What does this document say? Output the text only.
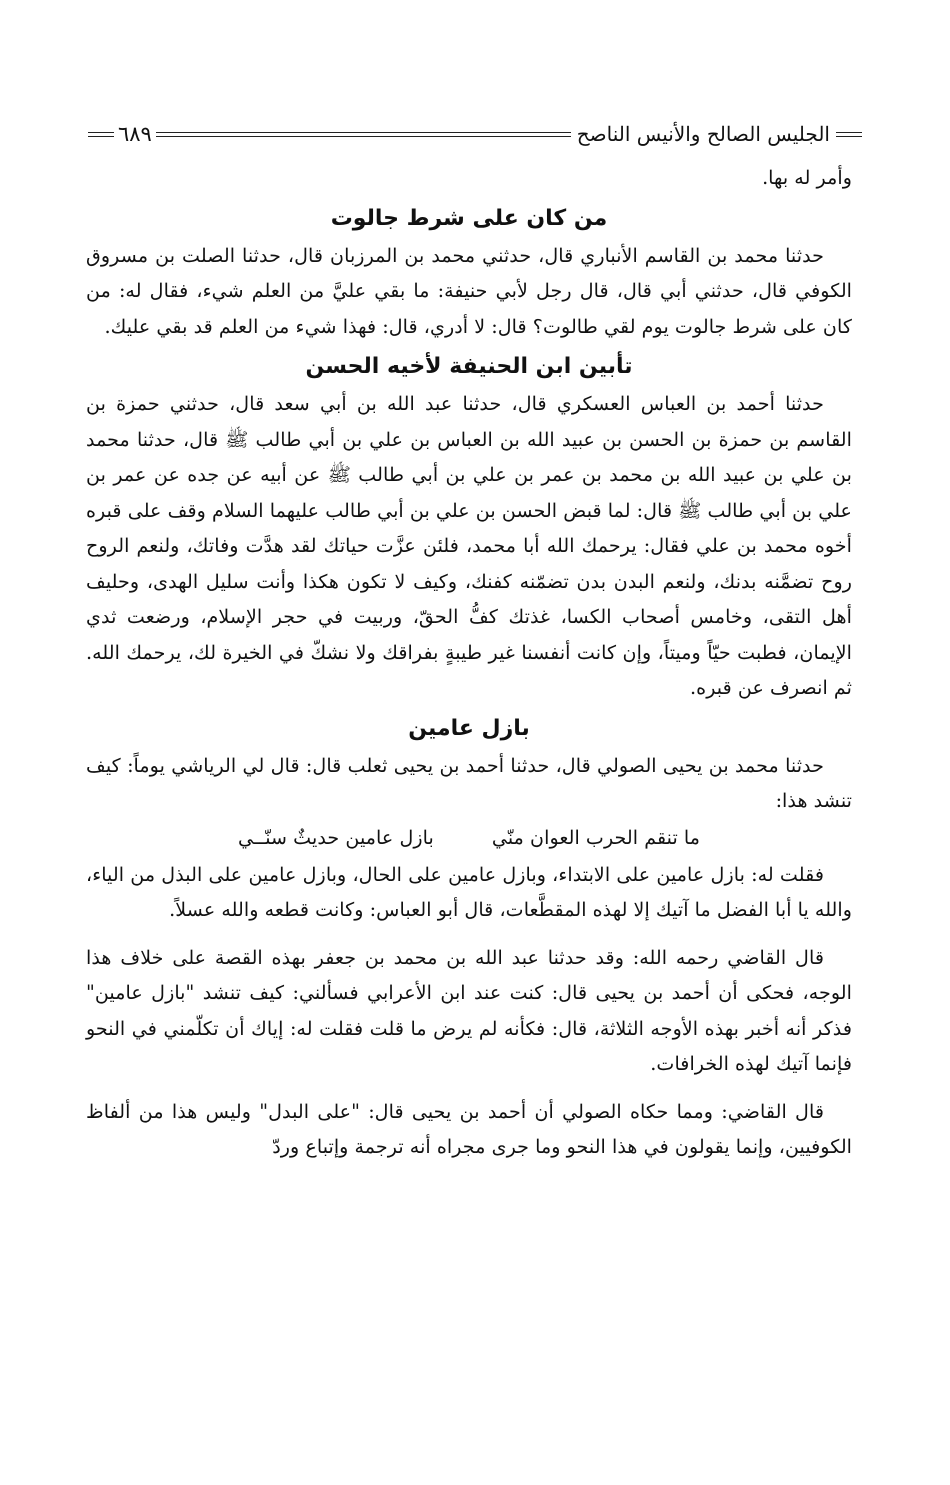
الجليس الصالح والأنيس الناصح
٦٨٩

وأمر له بها.

من كان على شرط جالوت

حدثنا محمد بن القاسم الأنباري قال، حدثني محمد بن المرزبان قال، حدثنا الصلت بن مسروق الكوفي قال، حدثني أبي قال، قال رجل لأبي حنيفة: ما بقي عليَّ من العلم شيء، فقال له: من كان على شرط جالوت يوم لقي طالوت؟ قال: لا أدري، قال: فهذا شيء من العلم قد بقي عليك.

تأبين ابن الحنيفة لأخيه الحسن

حدثنا أحمد بن العباس العسكري قال، حدثنا عبد الله بن أبي سعد قال، حدثني حمزة بن القاسم بن حمزة بن الحسن بن عبيد الله بن العباس بن علي بن أبي طالب ﷺ قال، حدثنا محمد بن علي بن عبيد الله بن محمد بن عمر بن علي بن أبي طالب ﷺ عن أبيه عن جده عن عمر بن علي بن أبي طالب ﷺ قال: لما قبض الحسن بن علي بن أبي طالب عليهما السلام وقف على قبره أخوه محمد بن علي فقال: يرحمك الله أبا محمد، فلئن عزَّت حياتك لقد هدَّت وفاتك، ولنعم الروح روح تضمَّنه بدنك، ولنعم البدن بدن تضمّنه كفنك، وكيف لا تكون هكذا وأنت سليل الهدى، وحليف أهل التقى، وخامس أصحاب الكسا، غذتك كفُّ الحقّ، وربيت في حجر الإسلام، ورضعت ثدي الإيمان، فطبت حيّاً وميتاً، وإن كانت أنفسنا غير طيبةٍ بفراقك ولا نشكّ في الخيرة لك، يرحمك الله. ثم انصرف عن قبره.

بازل عامين

حدثنا محمد بن يحيى الصولي قال، حدثنا أحمد بن يحيى ثعلب قال: قال لي الرياشي يوماً: كيف تنشد هذا:

ما تنقم الحرب العوان منّي
بازل عامين حديثٌ سنّــي

فقلت له: بازل عامين على الابتداء، وبازل عامين على الحال، وبازل عامين على البذل من الياء، والله يا أبا الفضل ما آتيك إلا لهذه المقطَّعات، قال أبو العباس: وكانت قطعه والله عسلاً.

قال القاضي رحمه الله: وقد حدثنا عبد الله بن محمد بن جعفر بهذه القصة على خلاف هذا الوجه، فحكى أن أحمد بن يحيى قال: كنت عند ابن الأعرابي فسألني: كيف تنشد "بازل عامين" فذكر أنه أخبر بهذه الأوجه الثلاثة، قال: فكأنه لم يرض ما قلت فقلت له: إياك أن تكلّمني في النحو فإنما آتيك لهذه الخرافات.

قال القاضي: ومما حكاه الصولي أن أحمد بن يحيى قال: "على البدل" وليس هذا من ألفاظ الكوفيين، وإنما يقولون في هذا النحو وما جرى مجراه أنه ترجمة وإتباع وردّ
